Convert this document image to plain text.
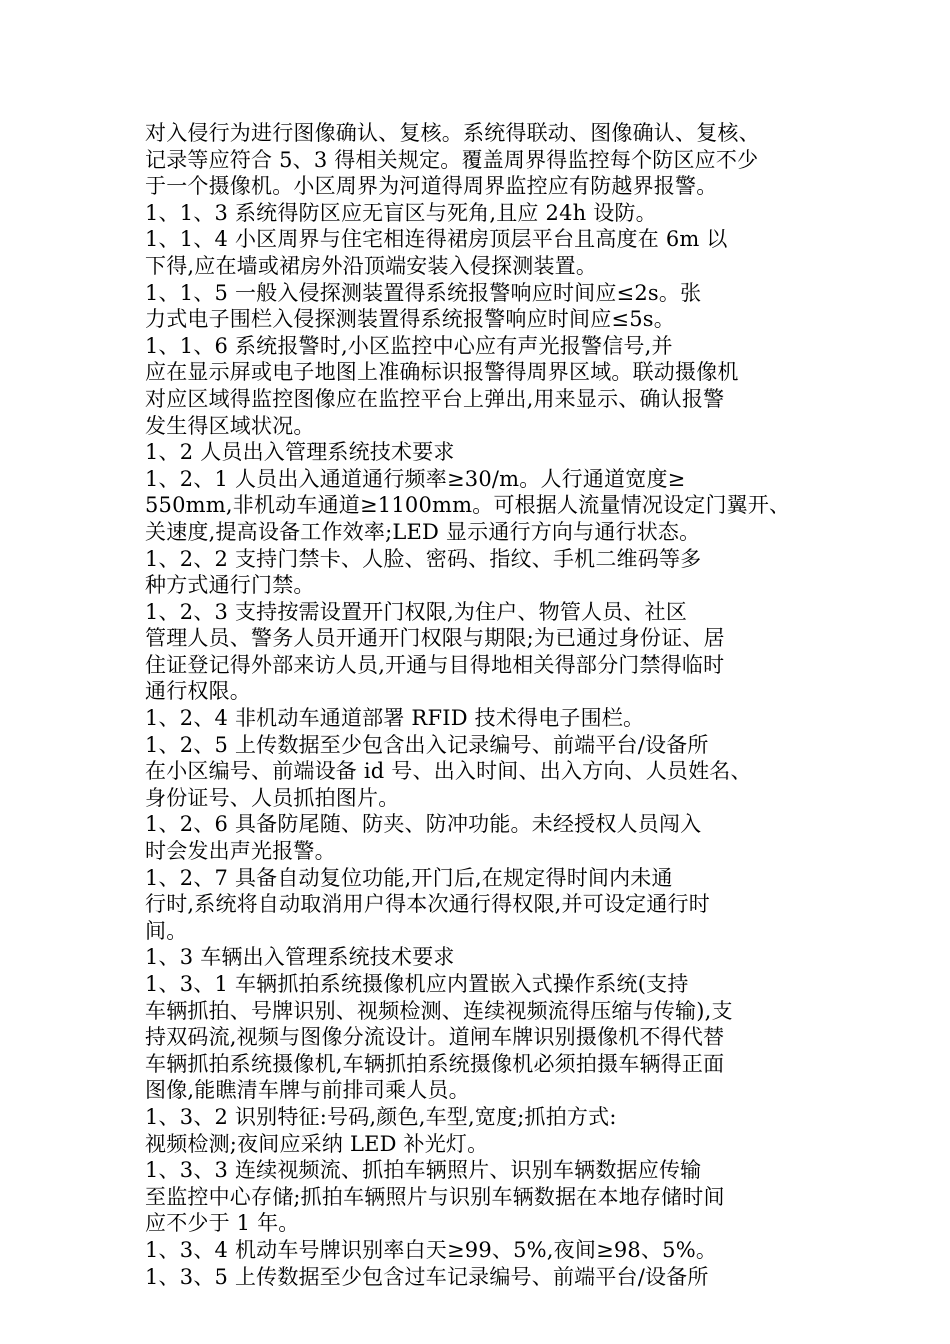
对入侵行为进行图像确认、复核。系统得联动、图像确认、复核、
记录等应符合 5、3 得相关规定。覆盖周界得监控每个防区应不少
于一个摄像机。小区周界为河道得周界监控应有防越界报警。
1、1、3 系统得防区应无盲区与死角,且应 24h 设防。
1、1、4 小区周界与住宅相连得裙房顶层平台且高度在 6m 以
下得,应在墙或裙房外沿顶端安装入侵探测装置。
1、1、5 一般入侵探测装置得系统报警响应时间应≤2s。张
力式电子围栏入侵探测装置得系统报警响应时间应≤5s。
1、1、6 系统报警时,小区监控中心应有声光报警信号,并
应在显示屏或电子地图上准确标识报警得周界区域。联动摄像机
对应区域得监控图像应在监控平台上弹出,用来显示、确认报警
发生得区域状况。
1、2 人员出入管理系统技术要求
1、2、1 人员出入通道通行频率≥30/m。人行通道宽度≥
550mm,非机动车通道≥1100mm。可根据人流量情况设定门翼开、
关速度,提高设备工作效率;LED 显示通行方向与通行状态。
1、2、2 支持门禁卡、人脸、密码、指纹、手机二维码等多
种方式通行门禁。
1、2、3 支持按需设置开门权限,为住户、物管人员、社区
管理人员、警务人员开通开门权限与期限;为已通过身份证、居
住证登记得外部来访人员,开通与目得地相关得部分门禁得临时
通行权限。
1、2、4 非机动车通道部署 RFID 技术得电子围栏。
1、2、5 上传数据至少包含出入记录编号、前端平台/设备所
在小区编号、前端设备 id 号、出入时间、出入方向、人员姓名、
身份证号、人员抓拍图片。
1、2、6 具备防尾随、防夹、防冲功能。未经授权人员闯入
时会发出声光报警。
1、2、7 具备自动复位功能,开门后,在规定得时间内未通
行时,系统将自动取消用户得本次通行得权限,并可设定通行时
间。
1、3 车辆出入管理系统技术要求
1、3、1 车辆抓拍系统摄像机应内置嵌入式操作系统(支持
车辆抓拍、号牌识别、视频检测、连续视频流得压缩与传输),支
持双码流,视频与图像分流设计。道闸车牌识别摄像机不得代替
车辆抓拍系统摄像机,车辆抓拍系统摄像机必须拍摄车辆得正面
图像,能瞧清车牌与前排司乘人员。
1、3、2 识别特征:号码,颜色,车型,宽度;抓拍方式:
视频检测;夜间应采纳 LED 补光灯。
1、3、3 连续视频流、抓拍车辆照片、识别车辆数据应传输
至监控中心存储;抓拍车辆照片与识别车辆数据在本地存储时间
应不少于 1 年。
1、3、4 机动车号牌识别率白天≥99、5%,夜间≥98、5%。
1、3、5 上传数据至少包含过车记录编号、前端平台/设备所
